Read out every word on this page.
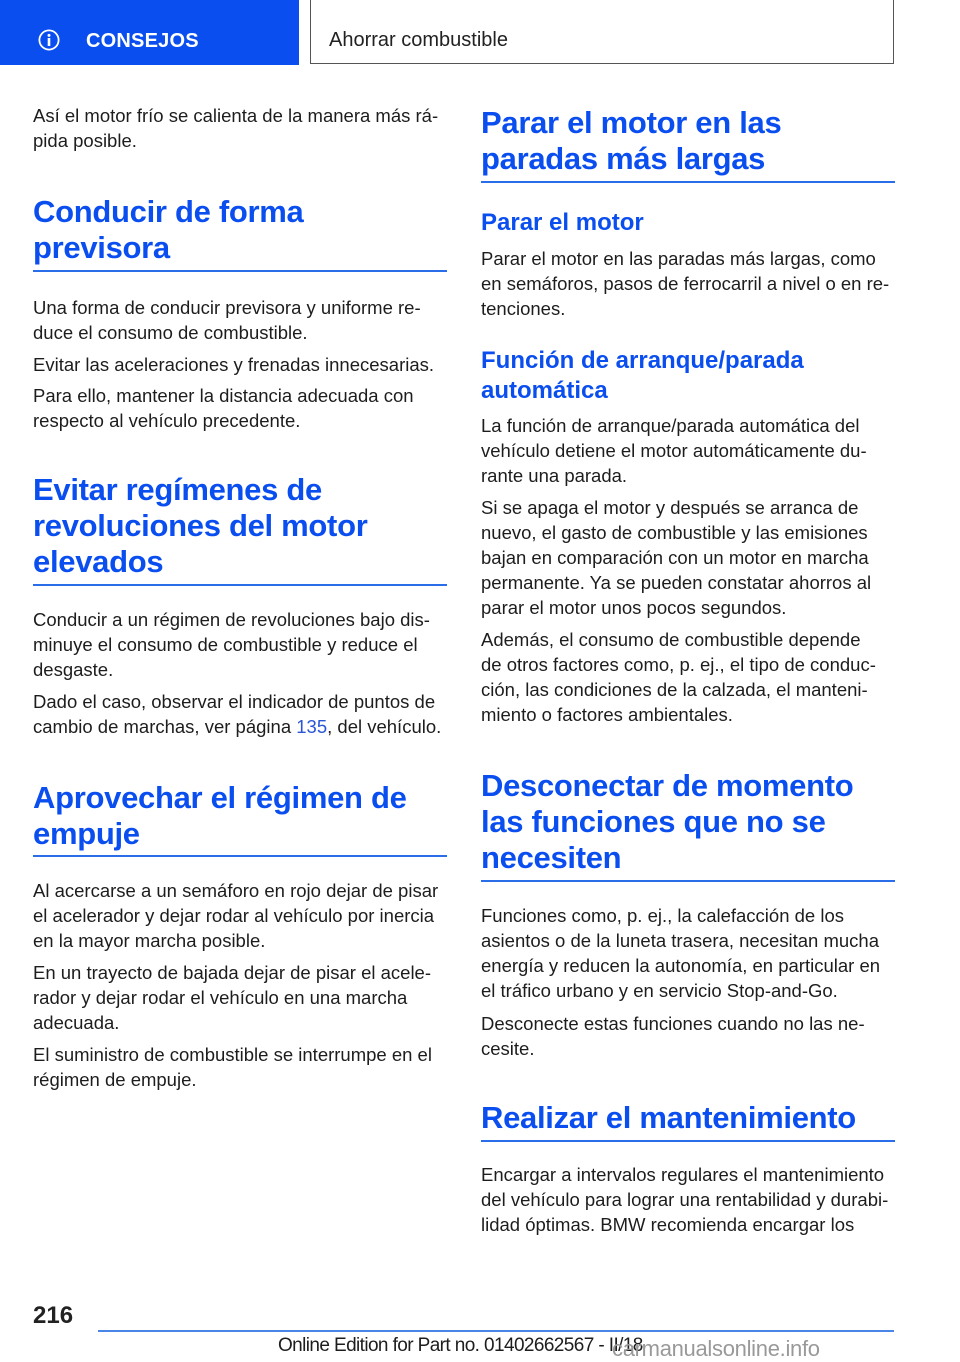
CONSEJOS	Ahorrar combustible

Así el motor frío se calienta de la manera más rá-
pida posible.

Conducir de forma
previsora

Una forma de conducir previsora y uniforme re-
duce el consumo de combustible.

Evitar las aceleraciones y frenadas innecesarias.

Para ello, mantener la distancia adecuada con
respecto al vehículo precedente.

Evitar regímenes de
revoluciones del motor
elevados

Conducir a un régimen de revoluciones bajo dis-
minuye el consumo de combustible y reduce el
desgaste.

Dado el caso, observar el indicador de puntos de
cambio de marchas, ver página 135, del vehículo.

Aprovechar el régimen de
empuje

Al acercarse a un semáforo en rojo dejar de pisar
el acelerador y dejar rodar al vehículo por inercia
en la mayor marcha posible.

En un trayecto de bajada dejar de pisar el acele-
rador y dejar rodar el vehículo en una marcha
adecuada.

El suministro de combustible se interrumpe en el
régimen de empuje.

Parar el motor en las
paradas más largas
Parar el motor

Parar el motor en las paradas más largas, como
en semáforos, pasos de ferrocarril a nivel o en re-
tenciones.

Función de arranque/parada
automática

La función de arranque/parada automática del
vehículo detiene el motor automáticamente du-
rante una parada.

Si se apaga el motor y después se arranca de
nuevo, el gasto de combustible y las emisiones
bajan en comparación con un motor en marcha
permanente. Ya se pueden constatar ahorros al
parar el motor unos pocos segundos.

Además, el consumo de combustible depende
de otros factores como, p. ej., el tipo de conduc-
ción, las condiciones de la calzada, el manteni-
miento o factores ambientales.

Desconectar de momento
las funciones que no se
necesiten

Funciones como, p. ej., la calefacción de los
asientos o de la luneta trasera, necesitan mucha
energía y reducen la autonomía, en particular en
el tráfico urbano y en servicio Stop-and-Go.

Desconecte estas funciones cuando no las ne-
cesite.

Realizar el mantenimiento

Encargar a intervalos regulares el mantenimiento
del vehículo para lograr una rentabilidad y durabi-
lidad óptimas. BMW recomienda encargar los

216
Online Edition for Part no. 01402662567 - II/18
carmanualsonline.info
